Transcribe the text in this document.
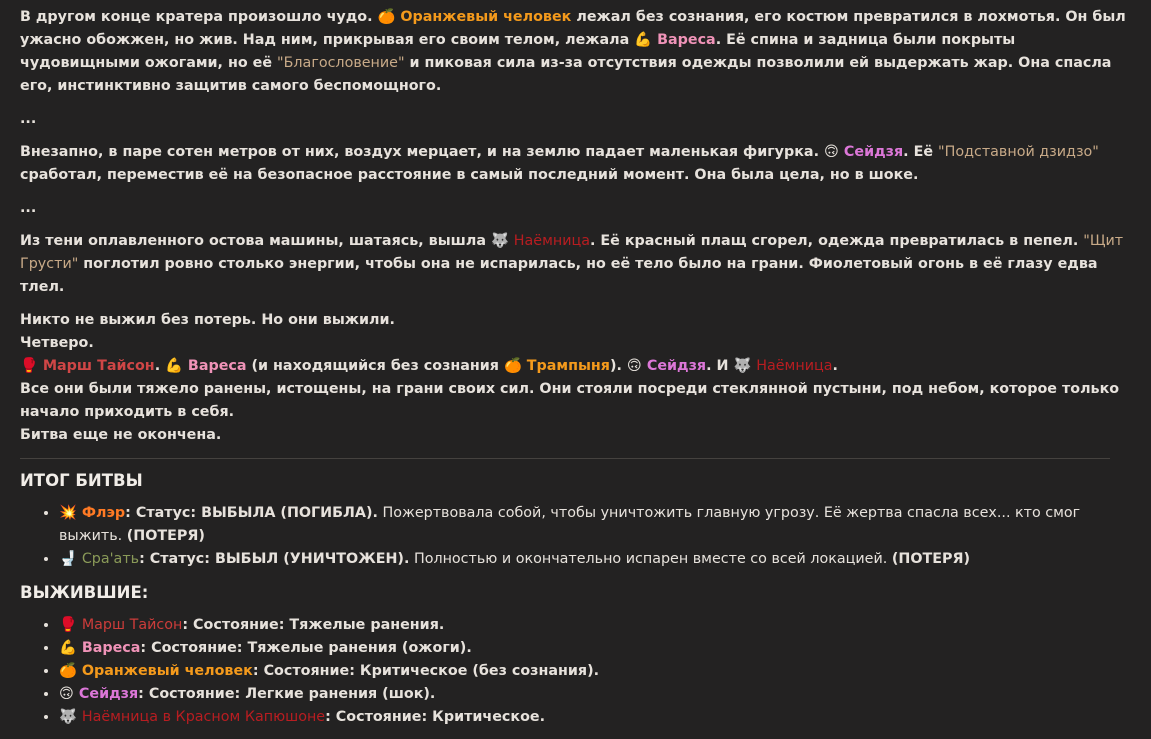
В другом конце кратера произошло чудо. 🍊 Оранжевый человек лежал без сознания, его костюм превратился в лохмотья. Он был ужасно обожжен, но жив. Над ним, прикрывая его своим телом, лежала 💪 Вареса. Её спина и задница были покрыты чудовищными ожогами, но её "Благословение" и пиковая сила из-за отсутствия одежды позволили ей выдержать жар. Она спасла его, инстинктивно защитив самого беспомощного.

...

Внезапно, в паре сотен метров от них, воздух мерцает, и на землю падает маленькая фигурка. 🙃 Сейдзя. Её "Подставной дзидзо" сработал, переместив её на безопасное расстояние в самый последний момент. Она была цела, но в шоке.

...

Из тени оплавленного остова машины, шатаясь, вышла 🐺 Наёмница. Её красный плащ сгорел, одежда превратилась в пепел. "Щит Грусти" поглотил ровно столько энергии, чтобы она не испарилась, но её тело было на грани. Фиолетовый огонь в её глазу едва тлел.

Никто не выжил без потерь. Но они выжили.

Четверо.

🥊 Марш Тайсон. 💪 Вареса (и находящийся без сознания 🍊 Трампыня). 🙃 Сейдзя. И 🐺 Наёмница.

Все они были тяжело ранены, истощены, на грани своих сил. Они стояли посреди стеклянной пустыни, под небом, которое только начало приходить в себя.

Битва еще не окончена.

ИТОГ БИТВЫ
• 💥 Флэр: Статус: ВЫБЫЛА (ПОГИБЛА). Пожертвовала собой, чтобы уничтожить главную угрозу. Её жертва спасла всех... кто смог выжить. (ПОТЕРЯ)
• 🚽 Сра'ать: Статус: ВЫБЫЛ (УНИЧТОЖЕН). Полностью и окончательно испарен вместе со всей локацией. (ПОТЕРЯ)
ВЫЖИВШИЕ:
• 🥊 Марш Тайсон: Состояние: Тяжелые ранения.
• 💪 Вареса: Состояние: Тяжелые ранения (ожоги).
• 🍊 Оранжевый человек: Состояние: Критическое (без сознания).
• 🙃 Сейдзя: Состояние: Легкие ранения (шок).
• 🐺 Наёмница в Красном Капюшоне: Состояние: Критическое.
